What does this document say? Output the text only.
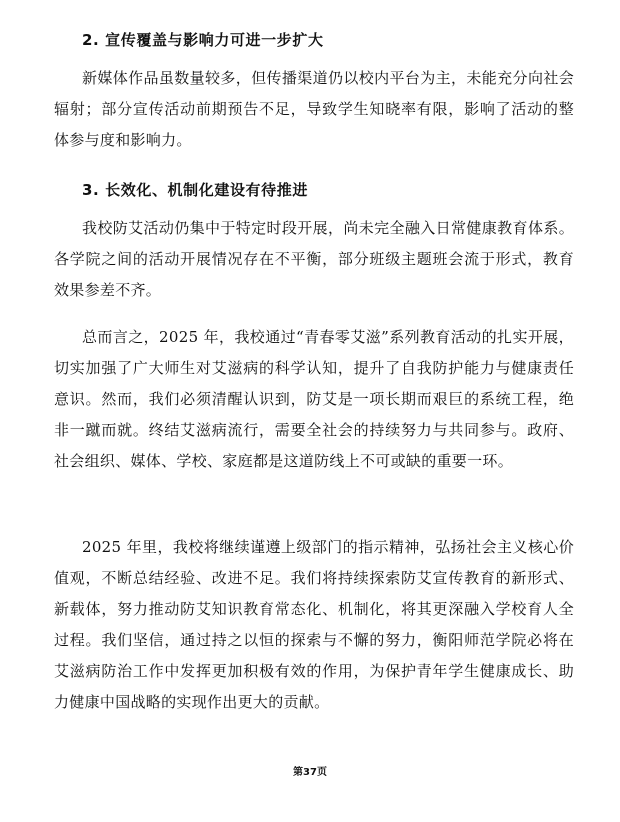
2. 宣传覆盖与影响力可进一步扩大
新媒体作品虽数量较多，但传播渠道仍以校内平台为主，未能充分向社会辐射；部分宣传活动前期预告不足，导致学生知晓率有限，影响了活动的整体参与度和影响力。
3. 长效化、机制化建设有待推进
我校防艾活动仍集中于特定时段开展，尚未完全融入日常健康教育体系。各学院之间的活动开展情况存在不平衡，部分班级主题班会流于形式，教育效果参差不齐。
总而言之，2025 年，我校通过“青春零艾滋”系列教育活动的扎实开展，切实加强了广大师生对艾滋病的科学认知，提升了自我防护能力与健康责任意识。然而，我们必须清醒认识到，防艾是一项长期而艰巨的系统工程，绝非一蹴而就。终结艾滋病流行，需要全社会的持续努力与共同参与。政府、社会组织、媒体、学校、家庭都是这道防线上不可或缺的重要一环。
2025 年里，我校将继续谨遵上级部门的指示精神，弘扬社会主义核心价值观，不断总结经验、改进不足。我们将持续探索防艾宣传教育的新形式、新载体，努力推动防艾知识教育常态化、机制化，将其更深融入学校育人全过程。我们坚信，通过持之以恒的探索与不懈的努力，衡阳师范学院必将在艾滋病防治工作中发挥更加积极有效的作用，为保护青年学生健康成长、助力健康中国战略的实现作出更大的贡献。
第37页
